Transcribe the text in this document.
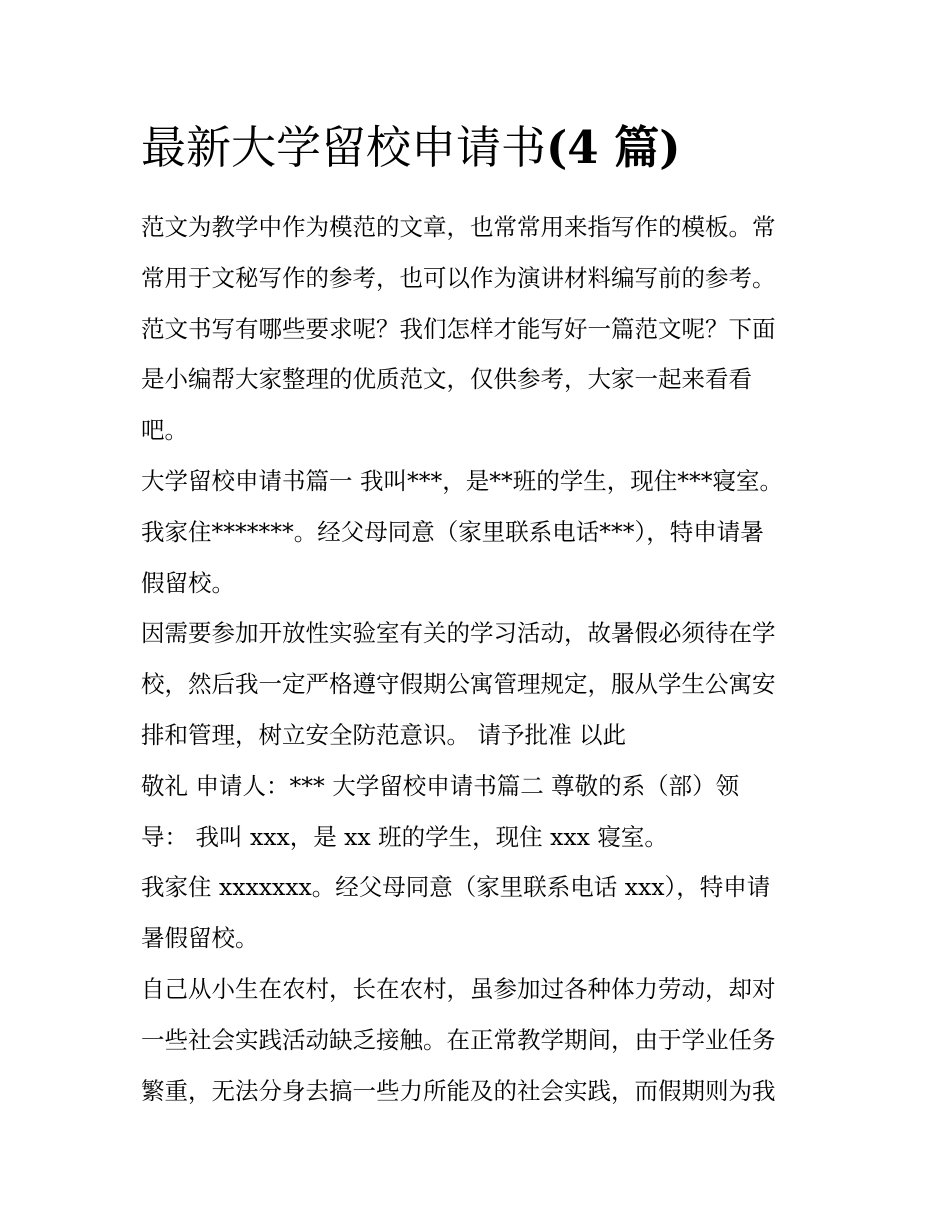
最新大学留校申请书(4 篇)
范文为教学中作为模范的文章，也常常用来指写作的模板。常
常用于文秘写作的参考，也可以作为演讲材料编写前的参考。
范文书写有哪些要求呢？我们怎样才能写好一篇范文呢？下面
是小编帮大家整理的优质范文，仅供参考，大家一起来看看
吧。
大学留校申请书篇一 我叫***，是**班的学生，现住***寝室。
我家住*******。经父母同意（家里联系电话***），特申请暑
假留校。
因需要参加开放性实验室有关的学习活动，故暑假必须待在学
校，然后我一定严格遵守假期公寓管理规定，服从学生公寓安
排和管理，树立安全防范意识。 请予批准 以此
敬礼 申请人：*** 大学留校申请书篇二 尊敬的系（部）领
导： 我叫 xxx，是 xx 班的学生，现住 xxx 寝室。
我家住 xxxxxxx。经父母同意（家里联系电话 xxx），特申请
暑假留校。
自己从小生在农村，长在农村，虽参加过各种体力劳动，却对
一些社会实践活动缺乏接触。在正常教学期间，由于学业任务
繁重，无法分身去搞一些力所能及的社会实践，而假期则为我
